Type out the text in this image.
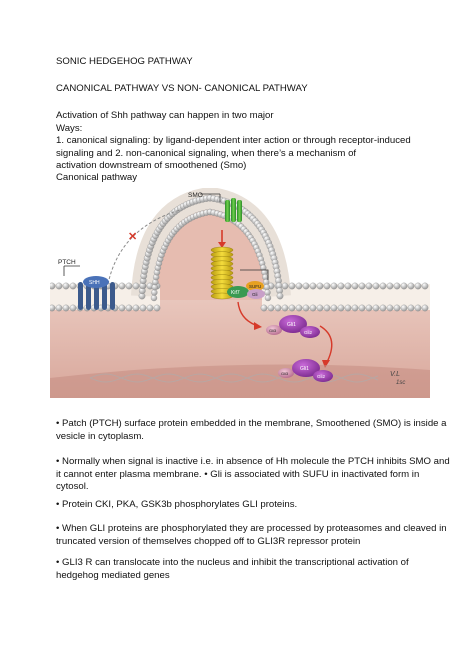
SONIC HEDGEHOG PATHWAY
CANONICAL PATHWAY VS NON- CANONICAL PATHWAY
Activation of Shh pathway can happen in two major
Ways:
1. canonical signaling: by ligand-dependent inter action or through receptor-induced
signaling and 2. non-canonical signaling, when there’s a mechanism of
activation downstream of smoothened (Smo)
Canonical pathway
✕
SMO
Kif7
SUFU
Gli
Gli3
Gli1
Gli2
Gli3
Gli1
Gli2
SHH
PTCH
V.L
1sc
• Patch (PTCH) surface protein embedded in the membrane, Smoothened (SMO) is inside a
vesicle in cytoplasm.
• Normally when signal is inactive i.e. in absence of Hh molecule the PTCH inhibits SMO and
it cannot enter plasma membrane. • Gli is associated with SUFU in inactivated form in
cytosol.
• Protein CKI, PKA, GSK3b phosphorylates GLI proteins.
• When GLI proteins are phosphorylated they are processed by proteasomes and cleaved in
truncated version of themselves chopped off to GLI3R repressor protein
• GLI3 R can translocate into the nucleus and inhibit the transcriptional activation of
hedgehog mediated genes
